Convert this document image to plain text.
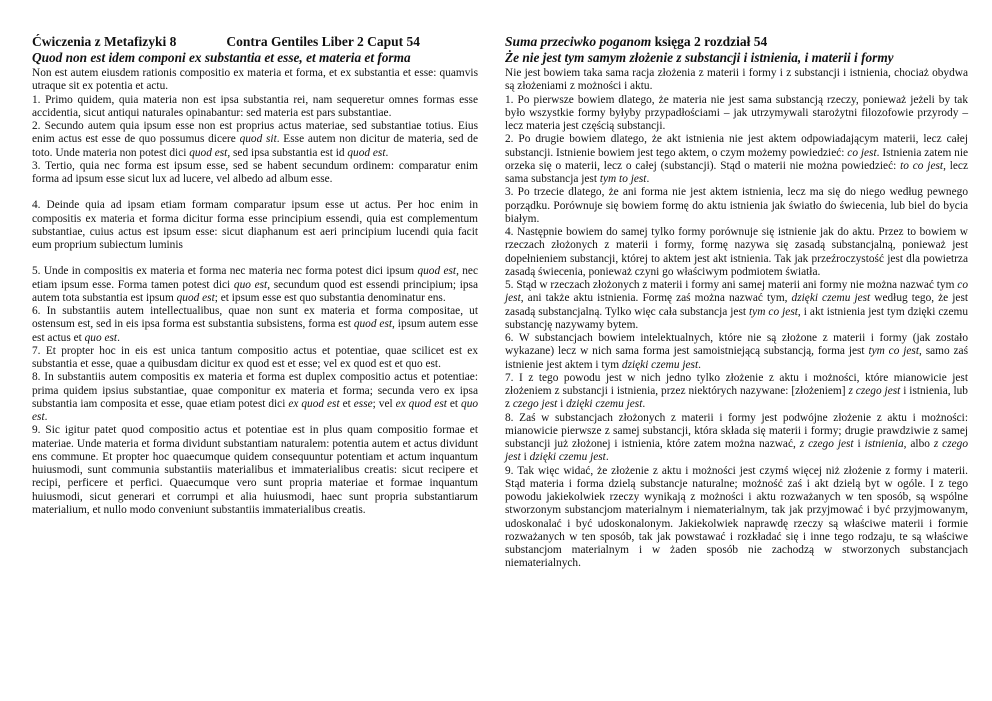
Ćwiczenia z Metafizyki 8	Contra Gentiles Liber 2 Caput 54
Quod non est idem componi ex substantia et esse, et materia et forma

Non est autem eiusdem rationis compositio ex materia et forma, et ex substantia et esse: quamvis utraque sit ex potentia et actu.

1. Primo quidem, quia materia non est ipsa substantia rei, nam sequeretur omnes formas esse accidentia, sicut antiqui naturales opinabantur: sed materia est pars substantiae.

2. Secundo autem quia ipsum esse non est proprius actus materiae, sed substantiae totius. Eius enim actus est esse de quo possumus dicere quod sit. Esse autem non dicitur de materia, sed de toto. Unde materia non potest dici quod est, sed ipsa substantia est id quod est.

3. Tertio, quia nec forma est ipsum esse, sed se habent secundum ordinem: comparatur enim forma ad ipsum esse sicut lux ad lucere, vel albedo ad album esse.

4. Deinde quia ad ipsam etiam formam comparatur ipsum esse ut actus. Per hoc enim in compositis ex materia et forma dicitur forma esse principium essendi, quia est complementum substantiae, cuius actus est ipsum esse: sicut diaphanum est aeri principium lucendi quia facit eum proprium subiectum luminis

5. Unde in compositis ex materia et forma nec materia nec forma potest dici ipsum quod est, nec etiam ipsum esse. Forma tamen potest dici quo est, secundum quod est essendi principium; ipsa autem tota substantia est ipsum quod est; et ipsum esse est quo substantia denominatur ens.

6. In substantiis autem intellectualibus, quae non sunt ex materia et forma compositae, ut ostensum est, sed in eis ipsa forma est substantia subsistens, forma est quod est, ipsum autem esse est actus et quo est.

7. Et propter hoc in eis est unica tantum compositio actus et potentiae, quae scilicet est ex substantia et esse, quae a quibusdam dicitur ex quod est et esse; vel ex quod est et quo est.

8. In substantiis autem compositis ex materia et forma est duplex compositio actus et potentiae: prima quidem ipsius substantiae, quae componitur ex materia et forma; secunda vero ex ipsa substantia iam composita et esse, quae etiam potest dici ex quod est et esse; vel ex quod est et quo est.

9. Sic igitur patet quod compositio actus et potentiae est in plus quam compositio formae et materiae. Unde materia et forma dividunt substantiam naturalem: potentia autem et actus dividunt ens commune. Et propter hoc quaecumque quidem consequuntur potentiam et actum inquantum huiusmodi, sunt communia substantiis materialibus et immaterialibus creatis: sicut recipere et recipi, perficere et perfici. Quaecumque vero sunt propria materiae et formae inquantum huiusmodi, sicut generari et corrumpi et alia huiusmodi, haec sunt propria substantiarum materialium, et nullo modo conveniunt substantiis immaterialibus creatis.

Suma przeciwko poganom księga 2 rozdział 54
Że nie jest tym samym złożenie z substancji i istnienia, i materii i formy

Nie jest bowiem taka sama racja złożenia z materii i formy i z substancji i istnienia, chociaż obydwa są złożeniami z możności i aktu.

1. Po pierwsze bowiem dlatego, że materia nie jest sama substancją rzeczy, ponieważ jeżeli by tak było wszystkie formy byłyby przypadłościami – jak utrzymywali starożytni filozofowie przyrody – lecz materia jest częścią substancji.

2. Po drugie bowiem dlatego, że akt istnienia nie jest aktem odpowiadającym materii, lecz całej substancji. Istnienie bowiem jest tego aktem, o czym możemy powiedzieć: co jest. Istnienia zatem nie orzeka się o materii, lecz o całej (substancji). Stąd o materii nie można powiedzieć: to co jest, lecz sama substancja jest tym to jest.

3. Po trzecie dlatego, że ani forma nie jest aktem istnienia, lecz ma się do niego według pewnego porządku. Porównuje się bowiem formę do aktu istnienia jak światło do świecenia, lub biel do bycia białym.

4. Następnie bowiem do samej tylko formy porównuje się istnienie jak do aktu. Przez to bowiem w rzeczach złożonych z materii i formy, formę nazywa się zasadą substancjalną, ponieważ jest dopełnieniem substancji, której to aktem jest akt istnienia. Tak jak przeźroczystość jest dla powietrza zasadą świecenia, ponieważ czyni go właściwym podmiotem światła.

5. Stąd w rzeczach złożonych z materii i formy ani samej materii ani formy nie można nazwać tym co jest, ani także aktu istnienia. Formę zaś można nazwać tym, dzięki czemu jest według tego, że jest zasadą substancjalną. Tylko więc cała substancja jest tym co jest, i akt istnienia jest tym dzięki czemu substancję nazywamy bytem.

6. W substancjach bowiem intelektualnych, które nie są złożone z materii i formy (jak zostało wykazane) lecz w nich sama forma jest samoistniejącą substancją, forma jest tym co jest, samo zaś istnienie jest aktem i tym dzięki czemu jest.

7. I z tego powodu jest w nich jedno tylko złożenie z aktu i możności, które mianowicie jest złożeniem z substancji i istnienia, przez niektórych nazywane: [złożeniem] z czego jest i istnienia, lub z czego jest i dzięki czemu jest.

8. Zaś w substancjach złożonych z materii i formy jest podwójne złożenie z aktu i możności: mianowicie pierwsze z samej substancji, która składa się materii i formy; drugie prawdziwie z samej substancji już złożonej i istnienia, które zatem można nazwać, z czego jest i istnienia, albo z czego jest i dzięki czemu jest.

9. Tak więc widać, że złożenie z aktu i możności jest czymś więcej niż złożenie z formy i materii. Stąd materia i forma dzielą substancje naturalne; możność zaś i akt dzielą byt w ogóle. I z tego powodu jakiekolwiek rzeczy wynikają z możności i aktu rozważanych w ten sposób, są wspólne stworzonym substancjom materialnym i niematerialnym, tak jak przyjmować i być przyjmowanym, udoskonalać i być udoskonalonym. Jakiekolwiek naprawdę rzeczy są właściwe materii i formie rozważanych w ten sposób, tak jak powstawać i rozkładać się i inne tego rodzaju, te są właściwe substancjom materialnym i w żaden sposób nie zachodzą w stworzonych substancjach niematerialnych.
